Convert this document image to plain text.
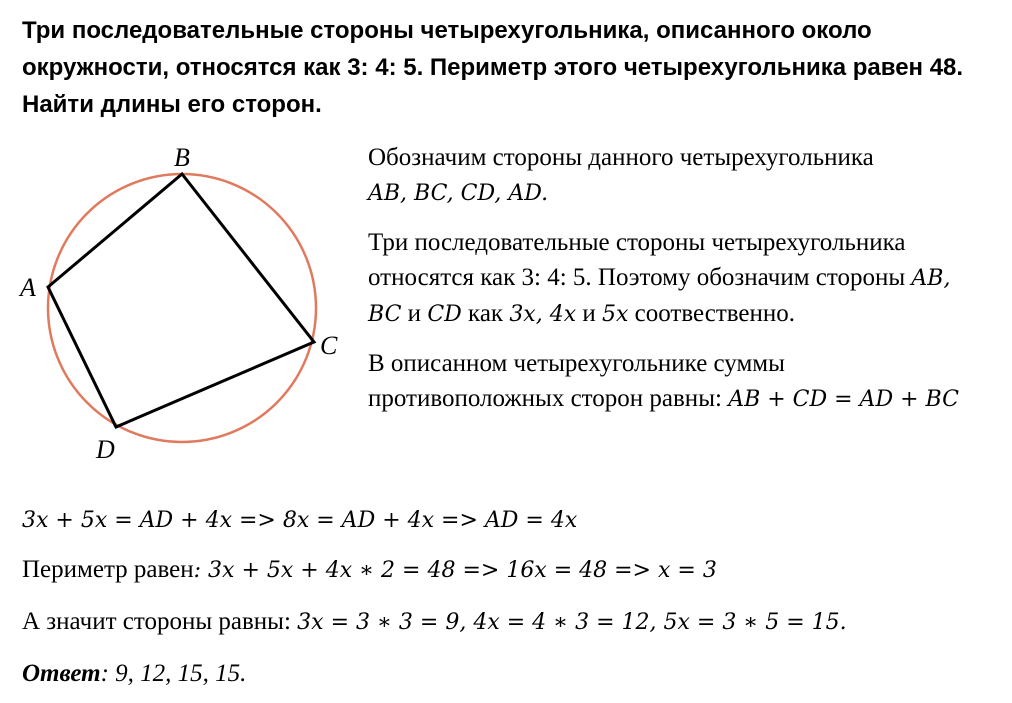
Три последовательные стороны четырехугольника, описанного около окружности, относятся как 3: 4: 5. Периметр этого четырехугольника равен 48. Найти длины его сторон.
A
B
C
D

Обозначим стороны данного четырехугольника
AB, BC, CD, AD.

Три последовательные стороны четырехугольника относятся как 3: 4: 5. Поэтому обозначим стороны AB, BC и CD как 3x, 4x и 5x соотвественно.

В описанном четырехугольнике суммы противоположных сторон равны: AB + CD = AD + BC

3x + 5x = AD + 4x => 8x = AD + 4x => AD = 4x
Периметр равен: 3x + 5x + 4x ∗ 2 = 48 => 16x = 48 => x = 3
А значит стороны равны: 3x = 3 ∗ 3 = 9, 4x = 4 ∗ 3 = 12, 5x = 3 ∗ 5 = 15.
Ответ: 9, 12, 15, 15.
